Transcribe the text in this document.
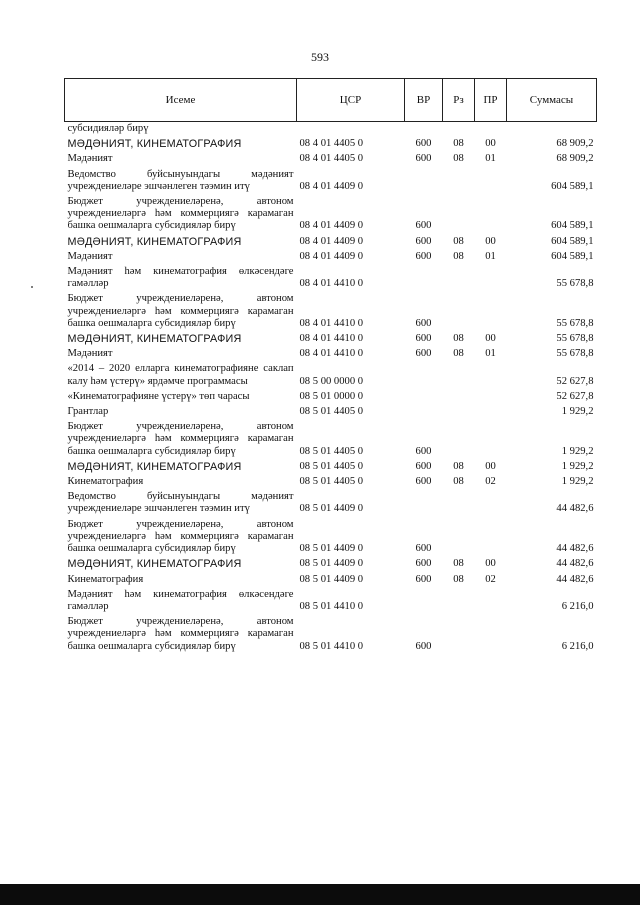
593
Исеме	ЦСР	ВР	Рз	ПР	Суммасы
субсидияләр бирү					
МӘДӘНИЯТ, КИНЕМАТОГРАФИЯ	08 4 01 4405 0	600	08	00	68 909,2
Мәдәният	08 4 01 4405 0	600	08	01	68 909,2
Ведомство буйсынуындагы мәдәният учреждениеләре эшчәнлеген тәэмин итү	08 4 01 4409 0				604 589,1
Бюджет учреждениеләренә, автоном учреждениеләргә һәм коммерциягә карамаган башка оешмаларга субсидияләр бирү	08 4 01 4409 0	600			604 589,1
МӘДӘНИЯТ, КИНЕМАТОГРАФИЯ	08 4 01 4409 0	600	08	00	604 589,1
Мәдәният	08 4 01 4409 0	600	08	01	604 589,1
Мәдәният һәм кинематография өлкәсендәге гамәлләр	08 4 01 4410 0				55 678,8
Бюджет учреждениеләренә, автоном учреждениеләргә һәм коммерциягә карамаган башка оешмаларга субсидияләр бирү	08 4 01 4410 0	600			55 678,8
МӘДӘНИЯТ, КИНЕМАТОГРАФИЯ	08 4 01 4410 0	600	08	00	55 678,8
Мәдәният	08 4 01 4410 0	600	08	01	55 678,8
«2014 – 2020 елларга кинематографияне саклап калу һәм үстерү» ярдәмче программасы	08 5 00 0000 0				52 627,8
«Кинематографияне үстерү» төп чарасы	08 5 01 0000 0				52 627,8
Грантлар	08 5 01 4405 0				1 929,2
Бюджет учреждениеләренә, автоном учреждениеләргә һәм коммерциягә карамаган башка оешмаларга субсидияләр бирү	08 5 01 4405 0	600			1 929,2
МӘДӘНИЯТ, КИНЕМАТОГРАФИЯ	08 5 01 4405 0	600	08	00	1 929,2
Кинематография	08 5 01 4405 0	600	08	02	1 929,2
Ведомство буйсынуындагы мәдәният учреждениеләре эшчәнлеген тәэмин итү	08 5 01 4409 0				44 482,6
Бюджет учреждениеләренә, автоном учреждениеләргә һәм коммерциягә карамаган башка оешмаларга субсидияләр бирү	08 5 01 4409 0	600			44 482,6
МӘДӘНИЯТ, КИНЕМАТОГРАФИЯ	08 5 01 4409 0	600	08	00	44 482,6
Кинематография	08 5 01 4409 0	600	08	02	44 482,6
Мәдәният һәм кинематография өлкәсендәге гамәлләр	08 5 01 4410 0				6 216,0
Бюджет учреждениеләренә, автоном учреждениеләргә һәм коммерциягә карамаган башка оешмаларга субсидияләр бирү	08 5 01 4410 0	600			6 216,0
